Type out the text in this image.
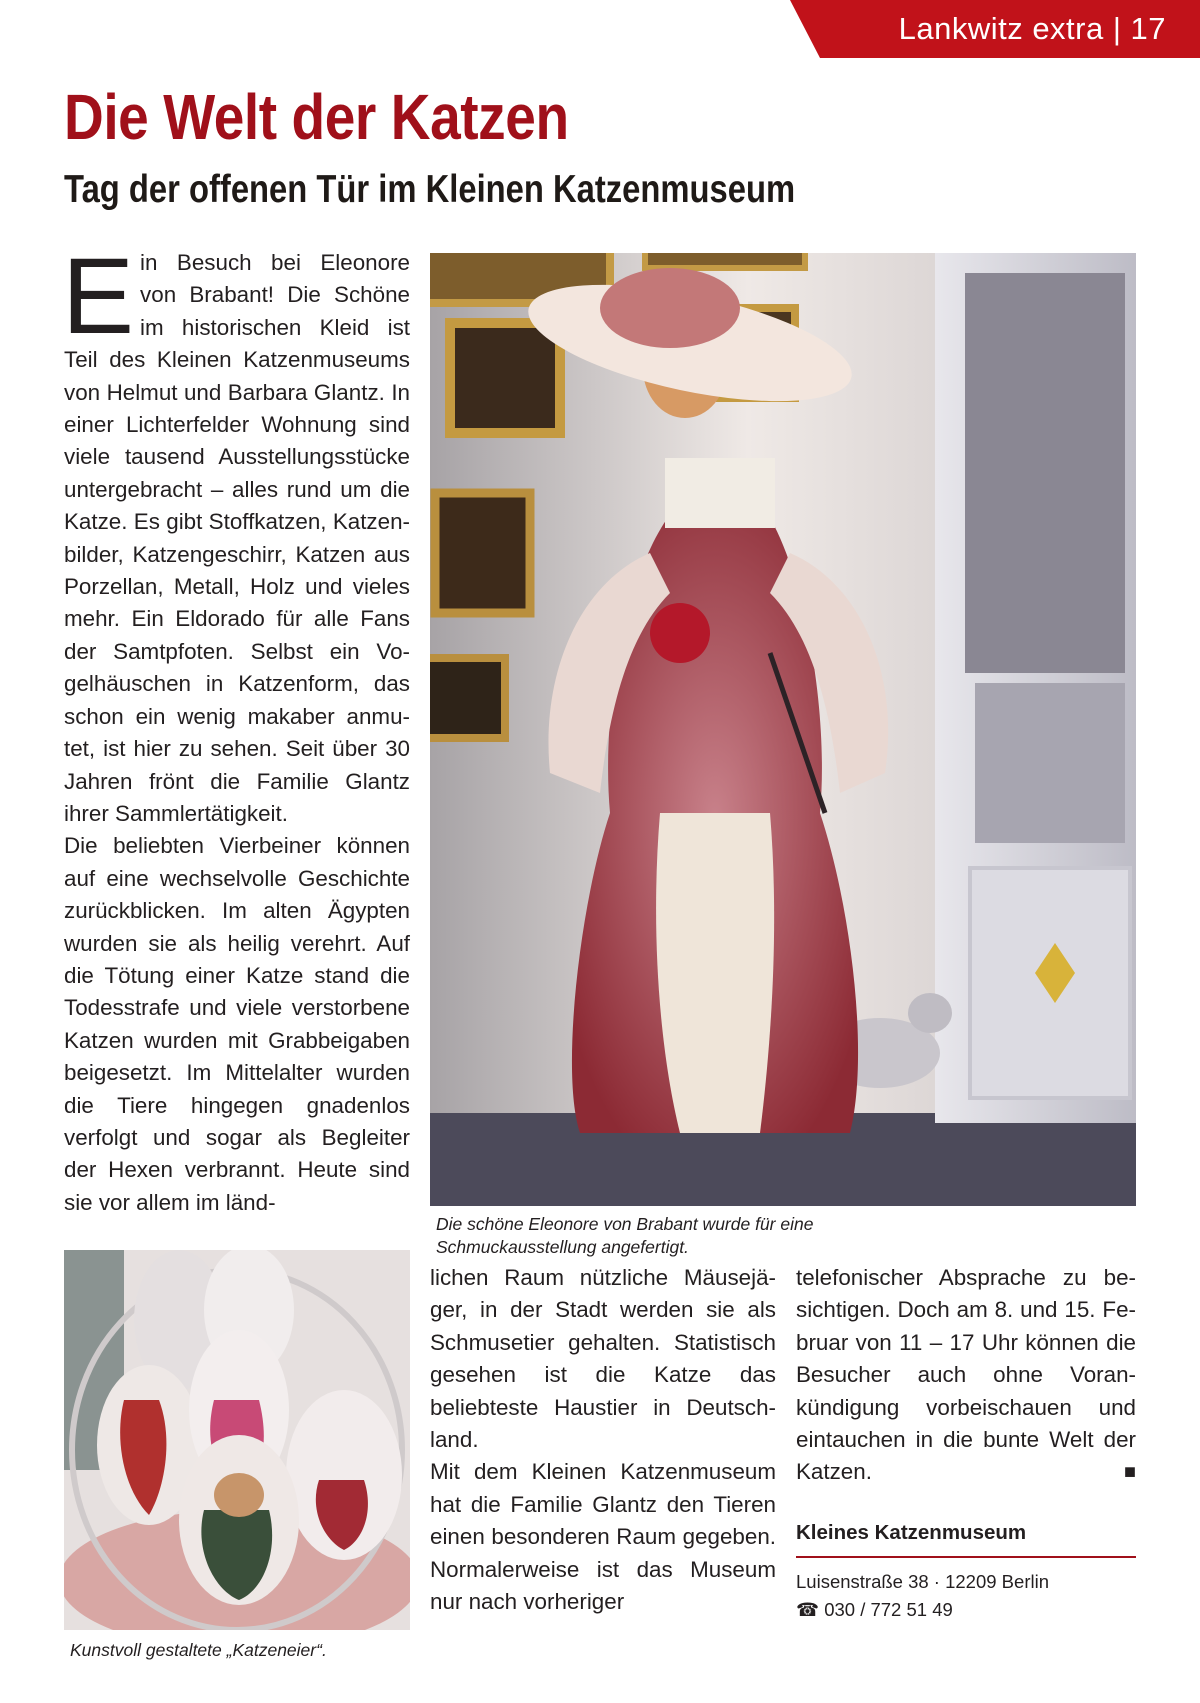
Lankwitz extra | 17
Die Welt der Katzen
Tag der offenen Tür im Kleinen Katzenmuseum
E in Besuch bei Eleonore von Brabant! Die Schöne im historischen Kleid ist Teil des Kleinen Katzenmuseums von Helmut und Barbara Glantz. In einer Lichterfelder Wohnung sind viele tausend Ausstellungsstücke untergebracht – alles rund um die Katze. Es gibt Stoffkatzen, Katzenbilder, Katzengeschirr, Katzen aus Porzellan, Metall, Holz und vieles mehr. Ein Eldorado für alle Fans der Samtpfoten. Selbst ein Vogelhäuschen in Katzenform, das schon ein wenig makaber anmutet, ist hier zu sehen. Seit über 30 Jahren frönt die Familie Glantz ihrer Sammlertätigkeit.
Die beliebten Vierbeiner können auf eine wechselvolle Geschichte zurückblicken. Im alten Ägypten wurden sie als heilig verehrt. Auf die Tötung einer Katze stand die Todesstrafe und viele verstorbene Katzen wurden mit Grabbeigaben beigesetzt. Im Mittelalter wurden die Tiere hingegen gnadenlos verfolgt und sogar als Begleiter der Hexen verbrannt. Heute sind sie vor allem im länd-
Die schöne Eleonore von Brabant wurde für eine Schmuckausstellung angefertigt.
Kunstvoll gestaltete „Katzeneier“.
lichen Raum nützliche Mäuseјäger, in der Stadt werden sie als Schmusetier gehalten. Statistisch gesehen ist die Katze das beliebteste Haustier in Deutschland.
Mit dem Kleinen Katzenmuseum hat die Familie Glantz den Tieren einen besonderen Raum gegeben. Normalerweise ist das Museum nur nach vorheriger
telefonischer Absprache zu besichtigen. Doch am 8. und 15. Februar von 11 – 17 Uhr können die Besucher auch ohne Vorankündigung vorbeischauen und eintauchen in die bunte Welt der Katzen.	■
Kleines Katzenmuseum
Luisenstraße 38 · 12209 Berlin
☎ 030 / 772 51 49
